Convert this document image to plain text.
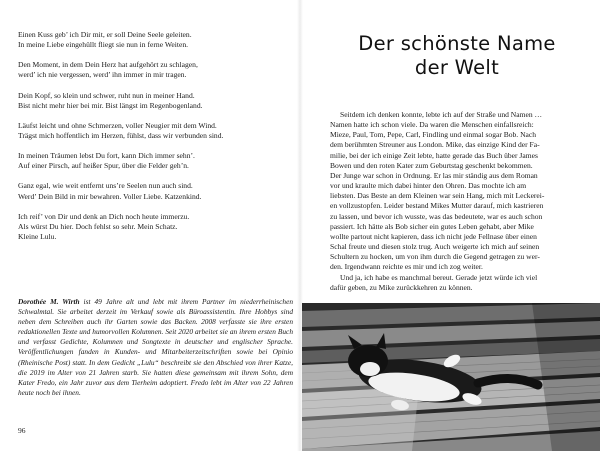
Einen Kuss geb’ ich Dir mit, er soll Deine Seele geleiten.
In meine Liebe eingehüllt fliegt sie nun in ferne Weiten.
Den Moment, in dem Dein Herz hat aufgehört zu schlagen,
werd’ ich nie vergessen, werd’ ihn immer in mir tragen.
Dein Kopf, so klein und schwer, ruht nun in meiner Hand.
Bist nicht mehr hier bei mir. Bist längst im Regenbogenland.
Läufst leicht und ohne Schmerzen, voller Neugier mit dem Wind.
Trägst mich hoffentlich im Herzen, fühlst, dass wir verbunden sind.
In meinen Träumen lebst Du fort, kann Dich immer sehn’.
Auf einer Pirsch, auf heißer Spur, über die Felder geh’n.
Ganz egal, wie weit entfernt uns’re Seelen nun auch sind.
Werd’ Dein Bild in mir bewahren. Voller Liebe. Katzenkind.
Ich reif’ von Dir und denk an Dich noch heute immerzu.
Als würst Du hier. Doch fehlst so sehr. Mein Schatz.
Kleine Lulu.
Dorothée M. Wirth ist 49 Jahre alt und lebt mit ihrem Partner im niederrheinischen Schwalmtal. Sie arbeitet derzeit im Verkauf sowie als Büroassistentin. Ihre Hobbys sind neben dem Schreiben auch ihr Garten sowie das Backen. 2008 verfasste sie ihre ersten redaktionellen Texte und humorvollen Kolumnen. Seit 2020 arbeitet sie an ihrem ersten Buch und verfasst Gedichte, Kolumnen und Songtexte in deutscher und englischer Sprache. Veröffentlichungen fanden in Kunden- und Mitarbeiterzeitschriften sowie bei Opinio (Rheinische Post) statt. In dem Gedicht „Lulu“ beschreibt sie den Abschied von ihrer Katze, die 2019 im Alter von 21 Jahren starb. Sie hatten diese gemeinsam mit ihrem Sohn, dem Kater Fredo, ein Jahr zuvor aus dem Tierheim adoptiert. Fredo lebt im Alter von 22 Jahren heute noch bei ihnen.
96
Der schönste Name
der Welt
Seitdem ich denken konnte, lebte ich auf der Straße und Namen …
Namen hatte ich schon viele. Da waren die Menschen einfallsreich:
Mieze, Paul, Tom, Pepe, Carl, Findling und einmal sogar Bob. Nach
dem berühmten Streuner aus London. Mike, das einzige Kind der Fa-
milie, bei der ich einige Zeit lebte, hatte gerade das Buch über James
Bowen und den roten Kater zum Geburtstag geschenkt bekommen.
Der Junge war schon in Ordnung. Er las mir ständig aus dem Roman
vor und kraulte mich dabei hinter den Ohren. Das mochte ich am
liebsten. Das Beste an dem Kleinen war sein Hang, mich mit Leckerei-
en vollzustopfen. Leider bestand Mikes Mutter darauf, mich kastrieren
zu lassen, und bevor ich wusste, was das bedeutete, war es auch schon
passiert. Ich hätte als Bob sicher ein gutes Leben gehabt, aber Mike
wollte partout nicht kapieren, dass ich nicht jede Fellnase über einen
Schal freute und diesen stolz trug. Auch weigerte ich mich auf seinen
Schultern zu hocken, um von ihm durch die Gegend getragen zu wer-
den. Irgendwann reichte es mir und ich zog weiter.
Und ja, ich habe es manchmal bereut. Gerade jetzt würde ich viel
dafür geben, zu Mike zurückkehren zu können.
